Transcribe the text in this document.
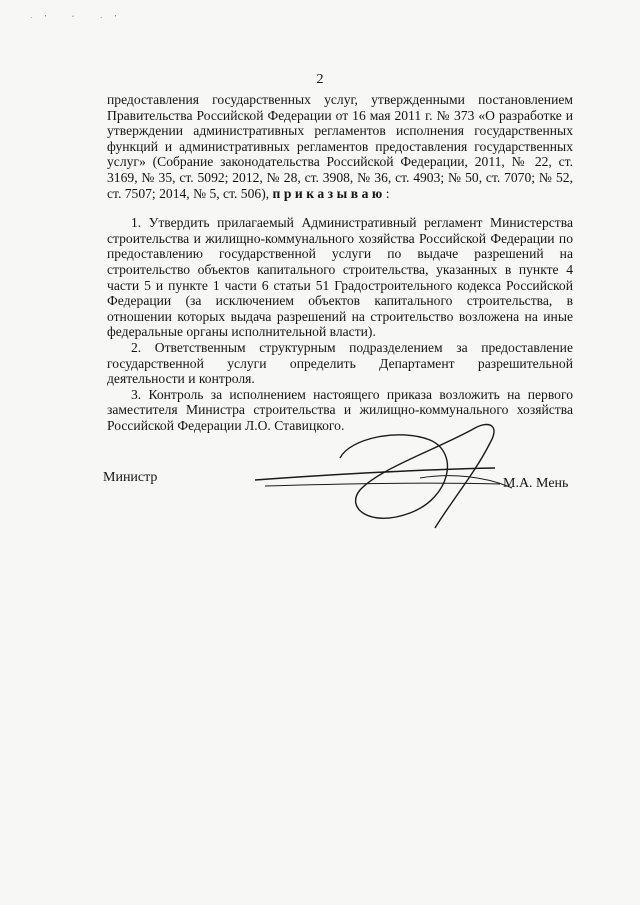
·’ ‘ ·’
2

предоставления государственных услуг, утвержденными постановлением Правительства Российской Федерации от 16 мая 2011 г. № 373 «О разработке и утверждении административных регламентов исполнения государственных функций и административных регламентов предоставления государственных услуг» (Собрание законодательства Российской Федерации, 2011, № 22, ст. 3169, № 35, ст. 5092; 2012, № 28, ст. 3908, № 36, ст. 4903; № 50, ст. 7070; № 52, ст. 7507; 2014, № 5, ст. 506), приказываю:

1. Утвердить прилагаемый Административный регламент Министерства строительства и жилищно-коммунального хозяйства Российской Федерации по предоставлению государственной услуги по выдаче разрешений на строительство объектов капитального строительства, указанных в пункте 4 части 5 и пункте 1 части 6 статьи 51 Градостроительного кодекса Российской Федерации (за исключением объектов капитального строительства, в отношении которых выдача разрешений на строительство возложена на иные федеральные органы исполнительной власти).

2. Ответственным структурным подразделением за предоставление государственной услуги определить Департамент разрешительной деятельности и контроля.

3. Контроль за исполнением настоящего приказа возложить на первого заместителя Министра строительства и жилищно-коммунального хозяйства Российской Федерации Л.О. Ставицкого.

Министр	М.А. Мень
